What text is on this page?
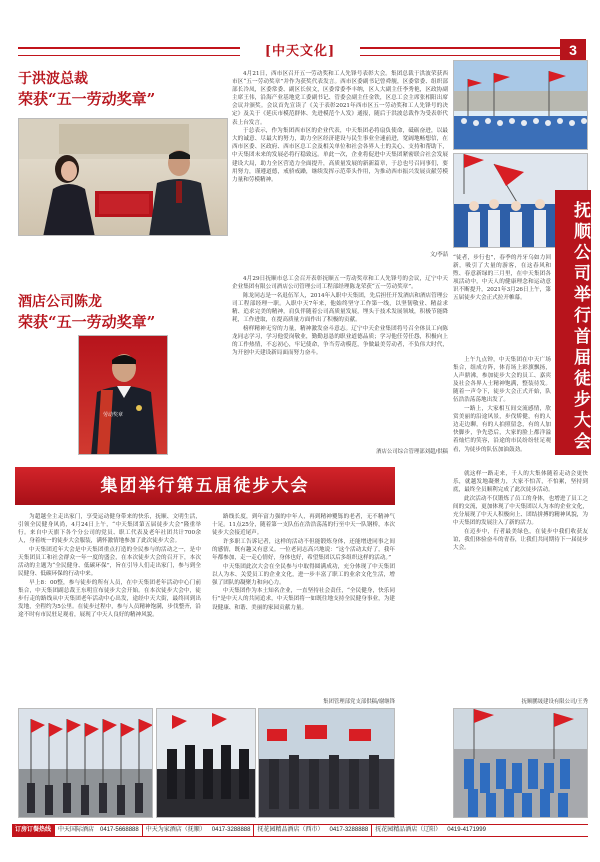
[中天文化]	3
于洪波总裁
荣获“五一劳动奖章”

4月21日，西市区召开五一劳动奖和工人先锋号表彰大会。集团总裁于洪波荣获西市区“五一劳动奖章”并作为获奖代表发言。西市区委副书记曾舜舰，区委常委、组织部部长冷凤，区委常委、副区长侯文，区委常委李丰纳，区人大副主任李秀艳，区政协副主席王伟，沿海产业基地党工委副书记、管委会副主任金铁，区总工会主席张相阳出席会议并颁奖。会议首先宣读了《关于表彰2021年西市区五一劳动奖和工人先锋号的决定》及关于《延庆市模范群体、先进模范个人发》通报，随后于洪波总裁作为受表彰代表上台发言。

于总表示，作为集团西市区的企业代表，中天集团必将扇负使命，砥砺奋进，以最大的诚意、尽最大的努力，助力全区经济建设与民生事业全速前进，宽阔地畅想信，在西市区委、区政府、西市区总工会及相关单位和社会各界人士的关心、支持和帮助下，中天集团未来的发展必将行稳致远。单此一次，企业将促进中天集团紧密联合社会发展建设大局，助力全区营造力全面提升，高质量发展的新新篇章，于总也号召同事们，要用努力，谨遵道德，戒骄戒躁，继续发挥示范带头作用，为推动西市振兴发展贡献劳模力量和劳模精神。

文/李喆
酒店公司陈龙
荣获“五一劳动奖章”
劳动奖章

4月29日抚顺市总工会召开表彰抚顺五一劳动奖章和工人先锋号的会议，辽宁中天企业集团有限公司酒店公司管理公司工程部经理陈龙荣获“五一劳动奖章”。

陈龙同志是一名退伍军人，2014年入职中天集团，先后担任开发酒店和酒店管理公司工程部经理一职。入职中天7年来，他始终坚守工作第一线，以坚韧敬业、精益求精、追求完美的精神，肩负伴随着公司高质量发展，埋头于技术发展领域，积极节能降耗，工作进取，在提高质量方面作出了积极的贡献。

榜样精神无穷的力量，精神激发奋斗意志。辽宁中天企业集团将号召全体员工向陈龙同志学习，学习他爱岗敬业，勤勤恳恳的职业道德品质；学习他任劳任怨，积极向上的工作热情，不忘初心，牢记使命，争当劳动模范，争做最美劳动者，不负伟大时代，为开创中天建设新局面而努力奋斗。

酒店公司综合管理部刘超/供稿
“徒者，步行也”，春季的丹牙乌如力回新，吸引了大量的游客，在这春风和煦、春意新绿的三月里，在中天集团各项活动中，中天人的健康理念和运动意识不断提升，2021年3月26日上午，第五届徒步大会正式拉开帷幕。	抚顺公司举行首届徒步大会

上午九点钟，中天集团在中天广场集合，组成方阵，体育场上彩旗飘扬，人声鼎沸，参加徒步大会的员工、嘉宾及社会各界人士精神饱满，整装待发。随着一声令下，徒步大会正式开始，队伍浩浩荡荡地出发了。

一路上，大家相互间交流感情，欣赏美丽的沿途风景，步伐矫健，有的人边走边聊，有的人拍照留念，有的人加快脚步，争先恐后，大家的脸上都洋溢着灿烂的笑容，沿途的市民纷纷驻足观看，为徒步的队伍加油鼓劲。

就这样一路走来，千人的大集体随着走动会更快乐，就越发地凝聚力，大家不怕苦，不怕累，坚持到底，最终全员顺利完成了此次徒步活动。

此次活动不仅锻炼了员工的身体，也增进了员工之间的交流，更加体现了中天集团以人为本的企业文化，充分展现了中天人积极向上、团结拼搏的精神风貌，为中天集团的发展注入了新的活力。

在迈步中，行者最美绿色，在徒步中我们收获友谊，我们体验奋斗的青春，让我们共同期待下一届徒步大会。

抚顺鹏晟建设有限公司/王秀
集团举行第五届徒步大会

为超越全主走出家门，享受运动健身带来的快乐，抚顺、文明生活，引领全民健身风尚，4月24日上午，“中天集团第五届徒步大会”隆重举行。来自中天旗下各个分公司的党员、职工代表及老年社团共计700余人，身着统一的徒步大会服装，满怀激情地参加了此次徒步大会。

中天集团近年大会是中天集团重点打造的全民参与的活动之一，是中天集团员工和社会群众一年一度的盛会，在本次徒步大会的召开下，本次活动的主题为“全民健身、低碳环保”，旨在引导人们走出家门，参与到全民健身、低碳环保的行动中来。

早上8：00整，参与徒步的所有人员，在中天集团老年活动中心门前集合，中天集团副总裁王东明宣布徒步大会开始。在本次徒步大会中，徒步行走的路线从中天集团老年活动中心出发，途经中天大街，最终回到出发地，全程约为5公里。在徒步过程中，参与人员精神饱满，步伐整齐，沿途不时有市民驻足观看，展现了中天人良好的精神风貌。

路线长度，到年富力强的中年人，再到精神矍铄的老者，无不精神气十足。11点25分，随着第一支队伍在浩浩荡荡的行至中天一队钢桥，本次徒步大会接近尾声。

许多职工告诉记者，这样的活动不但能锻炼身体，还能增进同事之间的感情，既有趣又有意义。一位老同志高兴地说：“这个活动太好了，我年年都参加，走一走心情好，身体也好，希望集团以后多组织这样的活动。”

中天集团此次大会在全民参与中取得圆满成功，充分体现了中天集团以人为本、关爱员工的企业文化，进一步丰富了职工的业余文化生活，增强了团队的凝聚力和向心力。

中天集团作为本土知名企业，一直坚持社会责任，“全民健身，快乐同行”是中天人的共同追求，中天集团将一如既往地支持全民健身事业，为建设健康、和谐、美丽的家园贡献力量。

集团管理部党支部供稿/谢继锋
订房订餐热线	中天国际酒店	0417-5668888	中天为家酒店（抚顺）	0417-3288888	抚花园精品酒店（西市）	0417-3288888	抚花园精品酒店（辽阳）	0419-4171999
